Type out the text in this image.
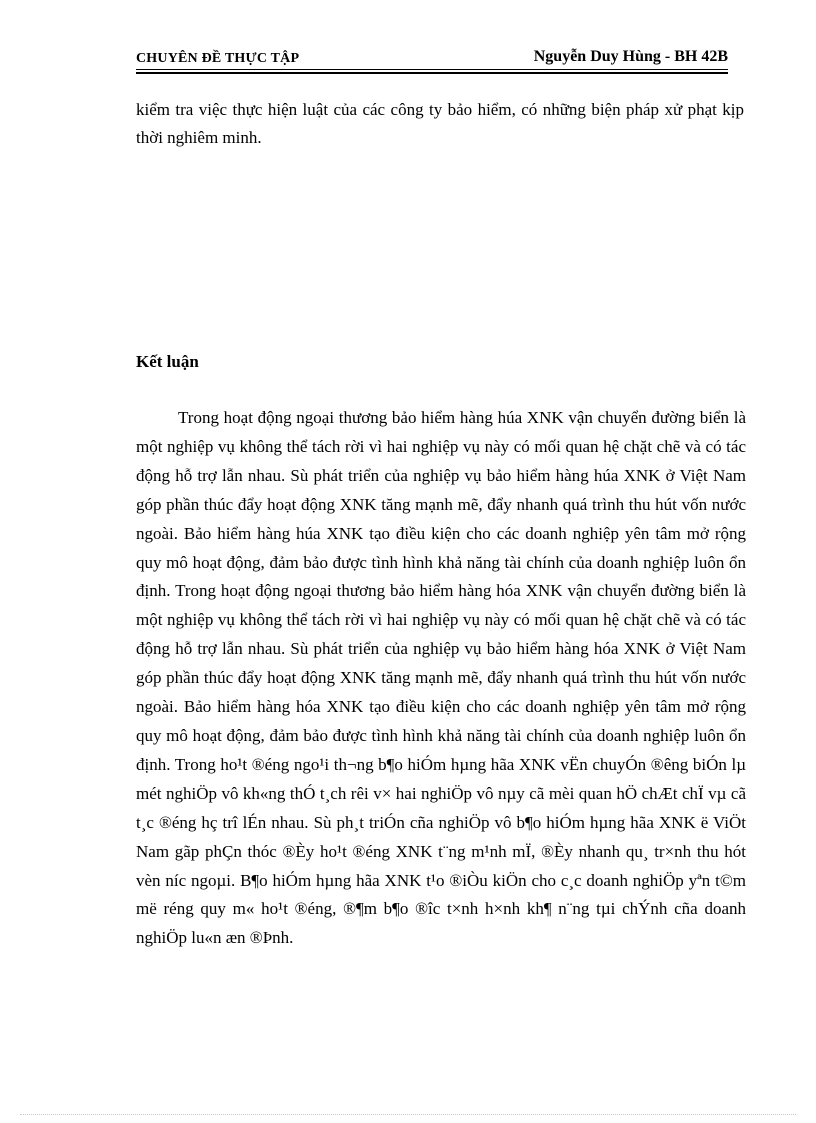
CHUYÊN ĐỀ THỰC TẬP	Nguyễn Duy Hùng - BH 42B

kiểm tra việc thực hiện luật của các công ty bảo hiểm, có những biện pháp xử phạt kịp thời nghiêm minh.

Kết luận

Trong hoạt động ngoại thương bảo hiểm hàng húa XNK vận chuyển đường biển là một nghiệp vụ không thể tách rời vì hai nghiệp vụ này có mối quan hệ chặt chẽ và có tác động hỗ trợ lẫn nhau. Sù phát triển của nghiệp vụ bảo hiểm hàng húa XNK ở Việt Nam góp phần thúc đẩy hoạt động XNK tăng mạnh mẽ, đẩy nhanh quá trình thu hút vốn nước ngoài. Bảo hiểm hàng húa XNK tạo điều kiện cho các doanh nghiệp yên tâm mở rộng quy mô hoạt động, đảm bảo được tình hình khả năng tài chính của doanh nghiệp luôn ổn định. Trong hoạt động ngoại thương bảo hiểm hàng hóa XNK vận chuyển đường biển là một nghiệp vụ không thể tách rời vì hai nghiệp vụ này có mối quan hệ chặt chẽ và có tác động hỗ trợ lẫn nhau. Sù phát triển của nghiệp vụ bảo hiểm hàng hóa XNK ở Việt Nam góp phần thúc đẩy hoạt động XNK tăng mạnh mẽ, đẩy nhanh quá trình thu hút vốn nước ngoài. Bảo hiểm hàng hóa XNK tạo điều kiện cho các doanh nghiệp yên tâm mở rộng quy mô hoạt động, đảm bảo được tình hình khả năng tài chính của doanh nghiệp luôn ổn định. Trong ho¹t ®éng ngo¹i th¬ng b¶o hiÓm hµng hãa XNK vËn chuyÓn ®êng biÓn lµ mét nghiÖp vô kh«ng thÓ t¸ch rêi v× hai nghiÖp vô nµy cã mèi quan hÖ chÆt chÏ vµ cã t¸c ®éng hç trî lÉn nhau. Sù ph¸t triÓn cña nghiÖp vô b¶o hiÓm hµng hãa XNK ë ViÖt Nam gãp phÇn thóc ®Èy ho¹t ®éng XNK t¨ng m¹nh mÏ, ®Èy nhanh qu¸ tr×nh thu hót vèn níc ngoµi. B¶o hiÓm hµng hãa XNK t¹o ®iÒu kiÖn cho c¸c doanh nghiÖp yªn t©m më réng quy m« ho¹t ®éng, ®¶m b¶o ®îc t×nh h×nh kh¶ n¨ng tµi chÝnh cña doanh nghiÖp lu«n æn ®Þnh.
